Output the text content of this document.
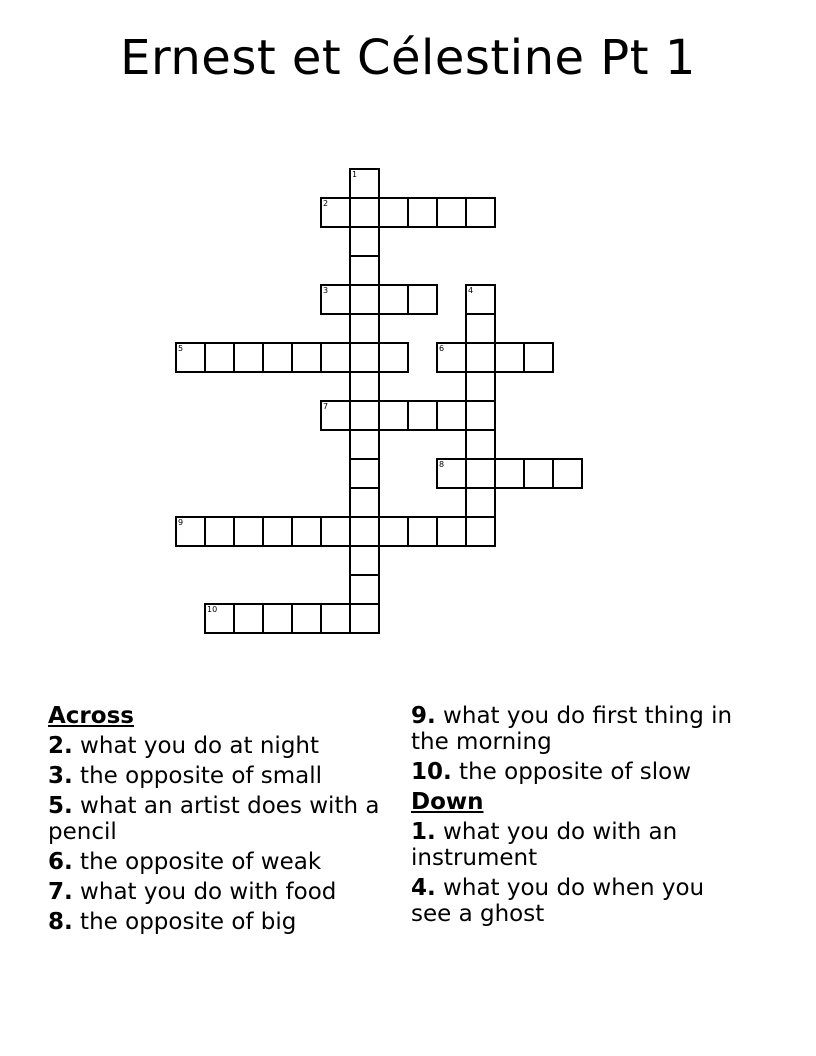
Ernest et Célestine Pt 1
1
2
3	4
5	6
7
8
9
10
Across
2. what you do at night
3. the opposite of small
5. what an artist does with a pencil
6. the opposite of weak
7. what you do with food
8. the opposite of big
9. what you do first thing in the morning
10. the opposite of slow
Down
1. what you do with an instrument
4. what you do when you see a ghost
